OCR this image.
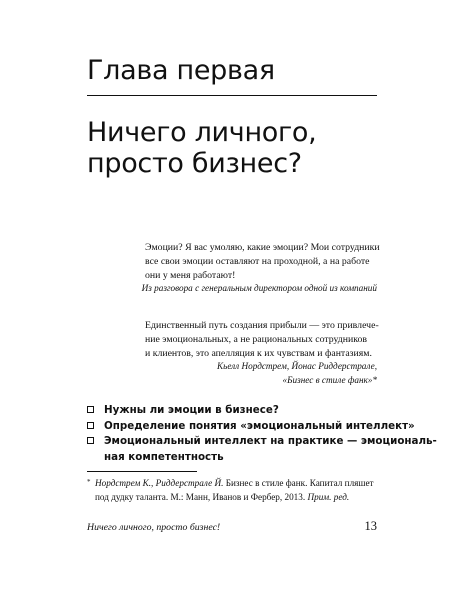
Глава первая
Ничего личного,
просто бизнес?
Эмоции? Я вас умоляю, какие эмоции? Мои сотрудники
все свои эмоции оставляют на проходной, а на работе
они у меня работают!
Из разговора с генеральным директором одной из компаний
Единственный путь создания прибыли — это привлече-
ние эмоциональных, а не рациональных сотрудников
и клиентов, это апелляция к их чувствам и фантазиям.
Кьелл Нордстрем, Йонас Риддерстрале,
«Бизнес в стиле фанк»*
Нужны ли эмоции в бизнесе?
Определение понятия «эмоциональный интеллект»
Эмоциональный интеллект на практике — эмоциональ-
ная компетентность
* Нордстрем К., Риддерстрале Й. Бизнес в стиле фанк. Капитал пляшет
под дудку таланта. М.: Манн, Иванов и Фербер, 2013. Прим. ред.
Ничего личного, просто бизнес!	13
